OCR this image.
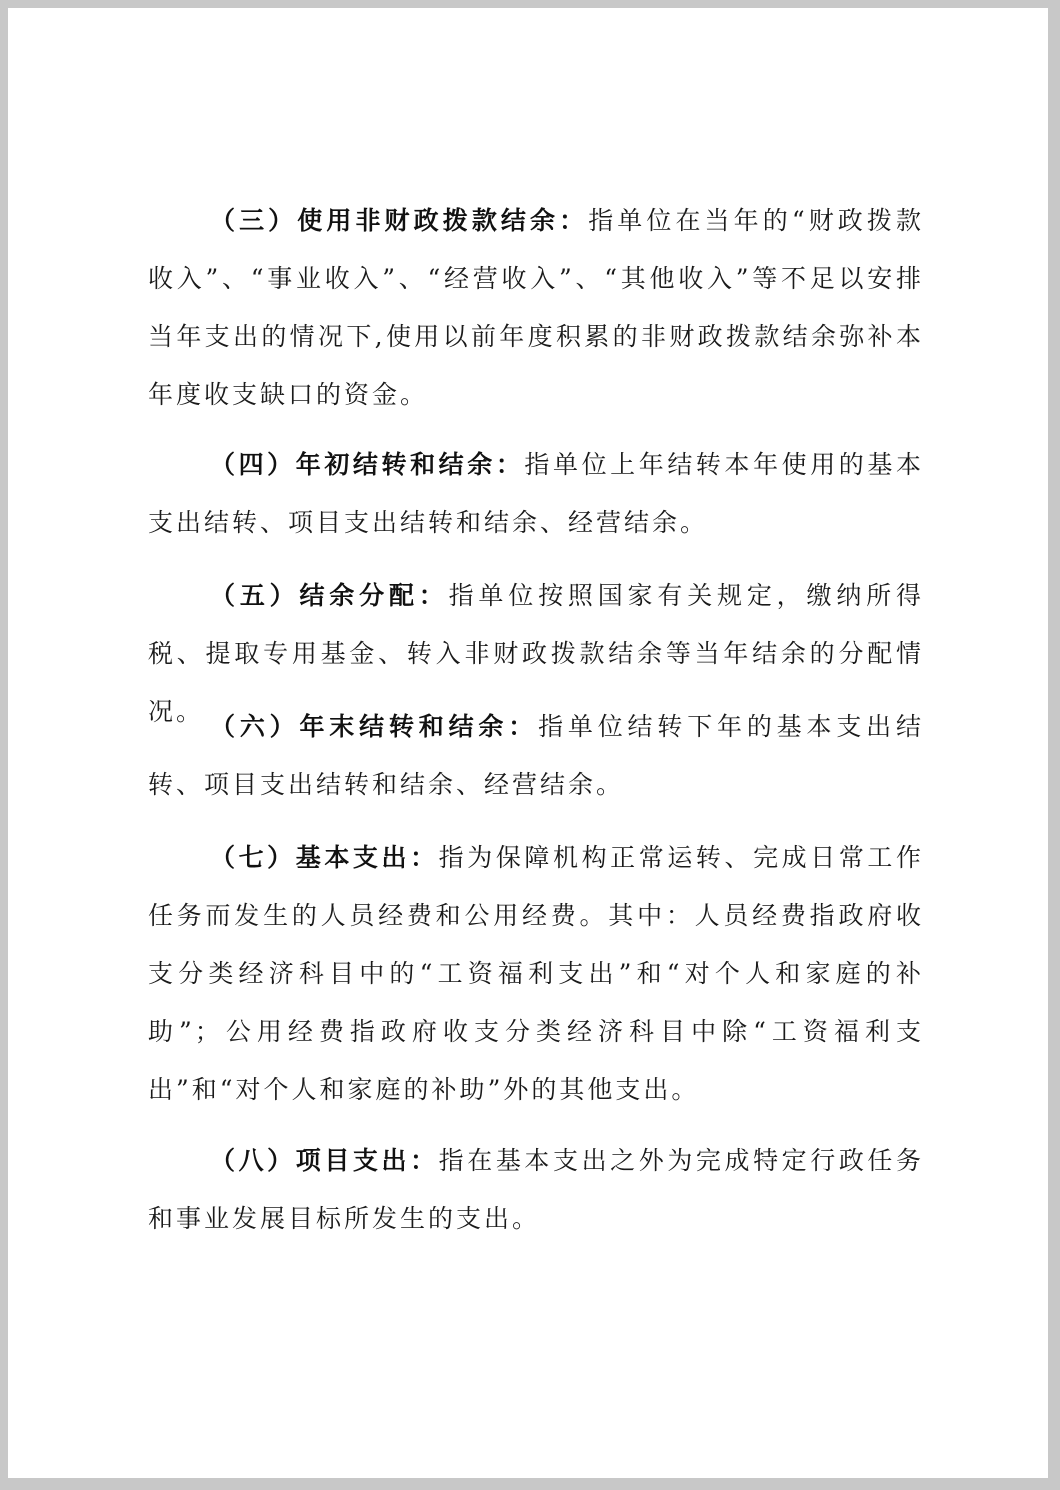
（三）使用非财政拨款结余：指单位在当年的“财政拨款收入”、“事业收入”、“经营收入”、“其他收入”等不足以安排当年支出的情况下,使用以前年度积累的非财政拨款结余弥补本年度收支缺口的资金。

（四）年初结转和结余：指单位上年结转本年使用的基本支出结转、项目支出结转和结余、经营结余。

（五）结余分配：指单位按照国家有关规定，缴纳所得税、提取专用基金、转入非财政拨款结余等当年结余的分配情况。

（六）年末结转和结余：指单位结转下年的基本支出结转、项目支出结转和结余、经营结余。

（七）基本支出：指为保障机构正常运转、完成日常工作任务而发生的人员经费和公用经费。其中：人员经费指政府收支分类经济科目中的“工资福利支出”和“对个人和家庭的补助”；公用经费指政府收支分类经济科目中除“工资福利支出”和“对个人和家庭的补助”外的其他支出。

（八）项目支出：指在基本支出之外为完成特定行政任务和事业发展目标所发生的支出。
